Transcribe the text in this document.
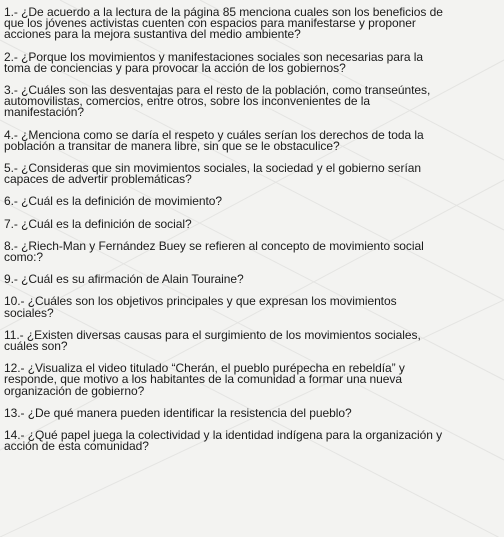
1.- ¿De acuerdo a la lectura de la página 85 menciona cuales son los beneficios de
que los jóvenes activistas cuenten con espacios para manifestarse y proponer
acciones para la mejora sustantiva del medio ambiente?

2.- ¿Porque los movimientos y manifestaciones sociales son necesarias para la
toma de conciencias y para provocar la acción de los gobiernos?

3.- ¿Cuáles son las desventajas para el resto de la población, como transeúntes,
automovilistas, comercios, entre otros, sobre los inconvenientes de la
manifestación?

4.- ¿Menciona como se daría el respeto y cuáles serían los derechos de toda la
población a transitar de manera libre, sin que se le obstaculice?

5.- ¿Consideras que sin movimientos sociales, la sociedad y el gobierno serían
capaces de advertir problemáticas?

6.- ¿Cuál es la definición de movimiento?

7.- ¿Cuál es la definición de social?

8.- ¿Riech-Man y Fernández Buey se refieren al concepto de movimiento social
como:?

9.- ¿Cuál es su afirmación de Alain Touraine?

10.- ¿Cuáles son los objetivos principales y que expresan los movimientos
sociales?

11.- ¿Existen diversas causas para el surgimiento de los movimientos sociales,
cuáles son?

12.- ¿Visualiza el video titulado “Cherán, el pueblo purépecha en rebeldía” y
responde, que motivo a los habitantes de la comunidad a formar una nueva
organización de gobierno?

13.- ¿De qué manera pueden identificar la resistencia del pueblo?

14.- ¿Qué papel juega la colectividad y la identidad indígena para la organización y
acción de esta comunidad?
